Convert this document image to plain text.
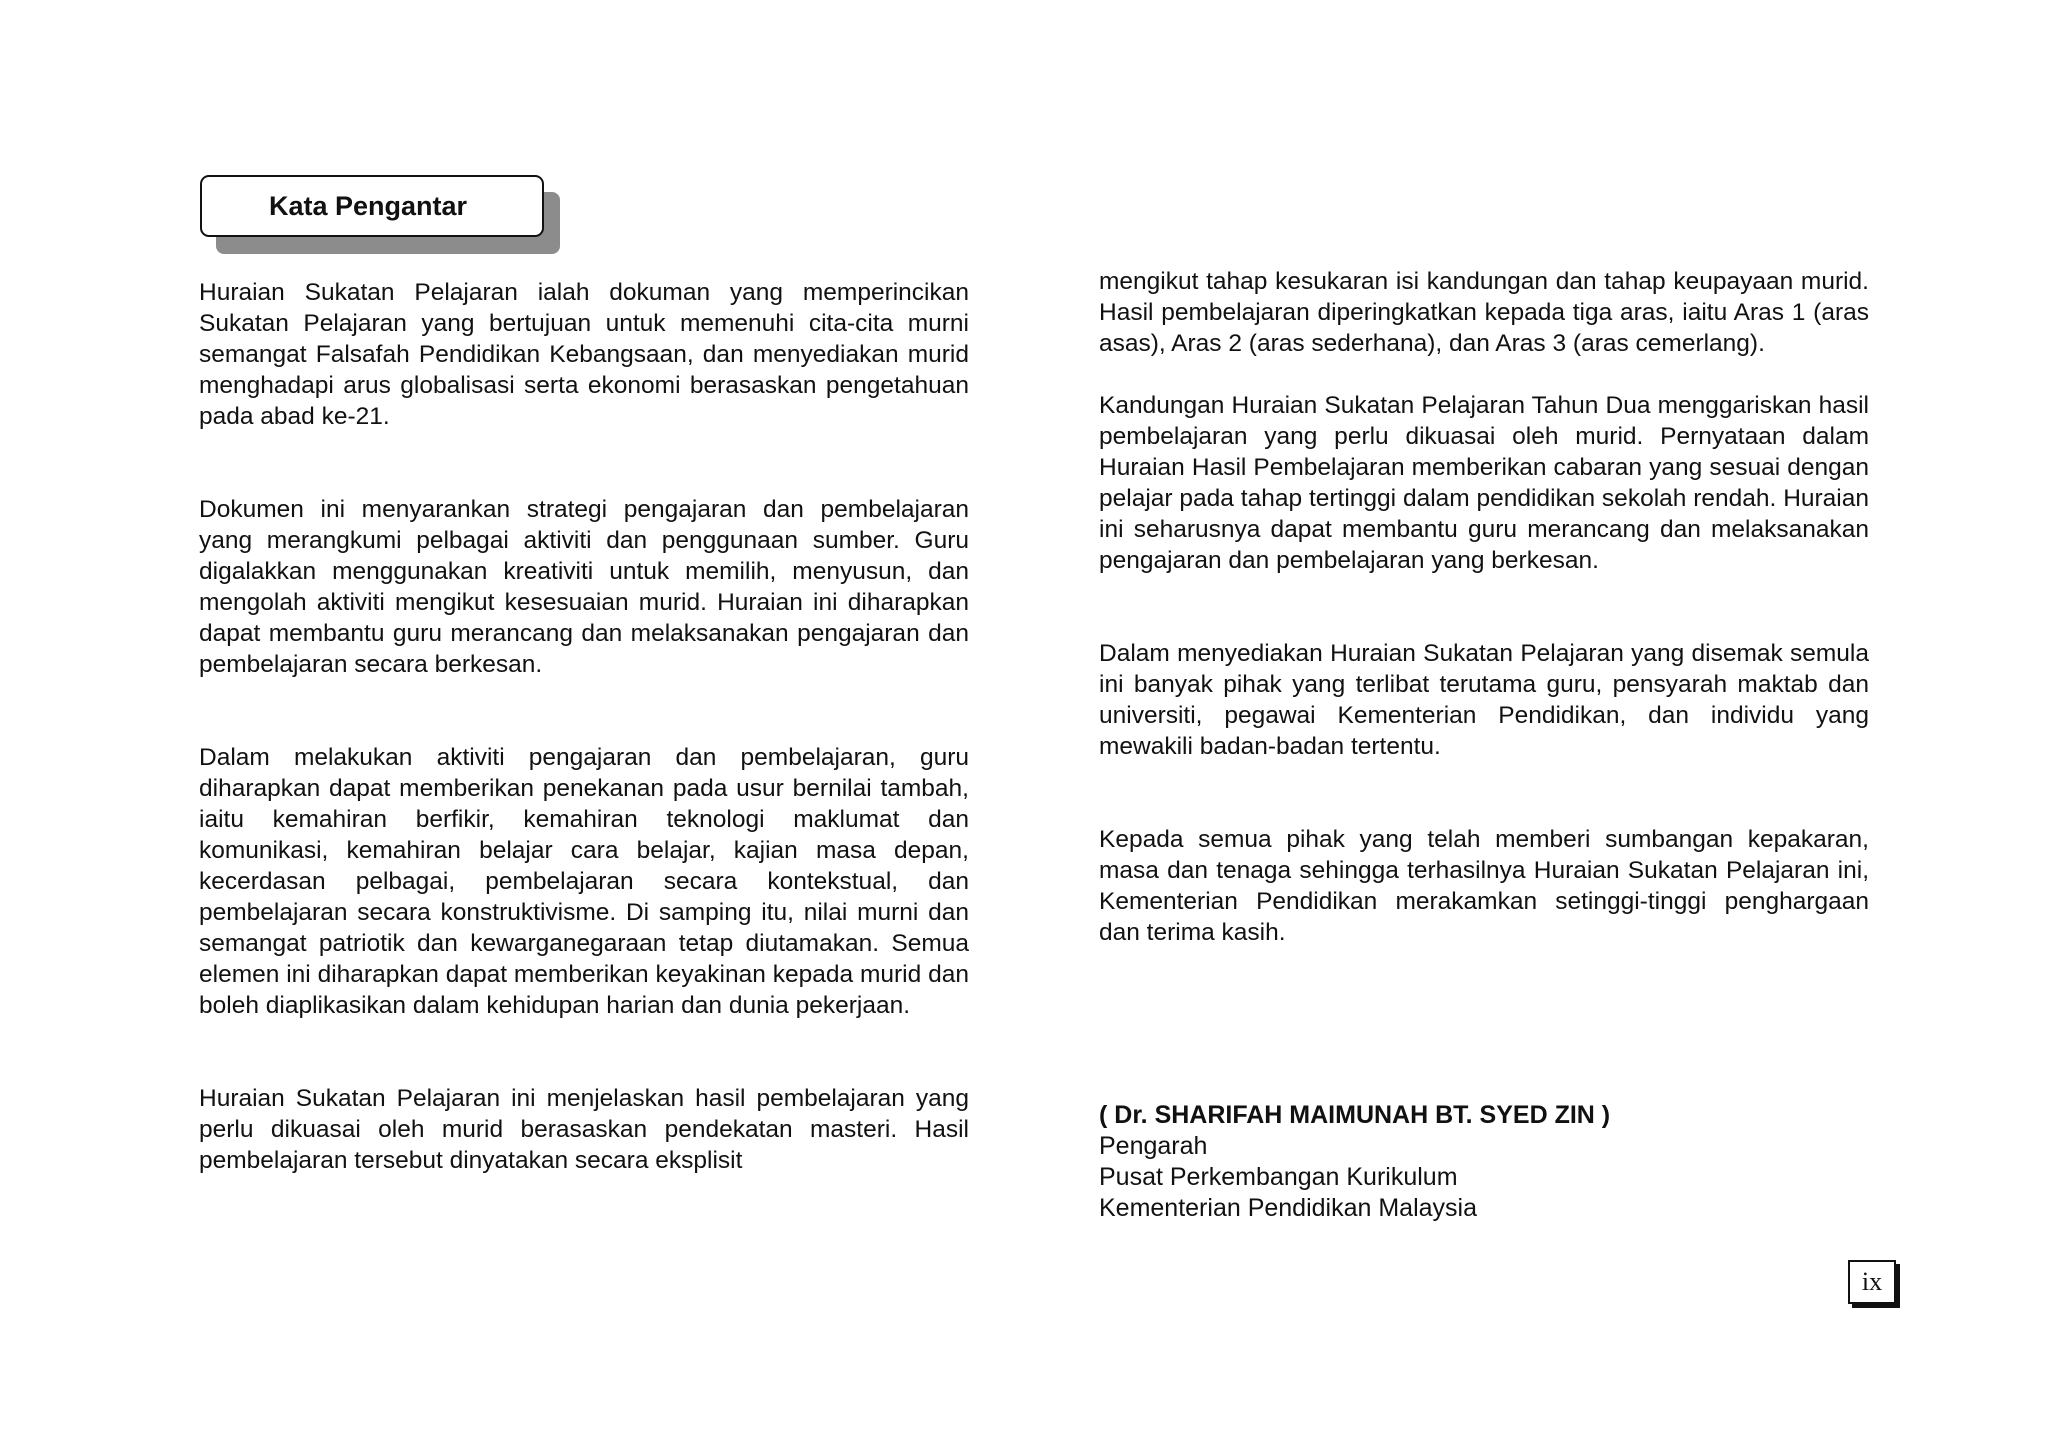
Kata Pengantar

Huraian Sukatan Pelajaran ialah dokuman yang memperincikan Sukatan Pelajaran yang bertujuan untuk memenuhi cita-cita murni semangat Falsafah Pendidikan Kebangsaan, dan menyediakan murid menghadapi arus globalisasi serta ekonomi berasaskan pengetahuan pada abad ke-21.

Dokumen ini menyarankan strategi pengajaran dan pembelajaran yang merangkumi pelbagai aktiviti dan penggunaan sumber. Guru digalakkan menggunakan kreativiti untuk memilih, menyusun, dan mengolah aktiviti mengikut kesesuaian murid. Huraian ini diharapkan dapat membantu guru merancang dan melaksanakan pengajaran dan pembelajaran secara berkesan.

Dalam melakukan aktiviti pengajaran dan pembelajaran, guru diharapkan dapat memberikan penekanan pada usur bernilai tambah, iaitu kemahiran berfikir, kemahiran teknologi maklumat dan komunikasi, kemahiran belajar cara belajar, kajian masa depan, kecerdasan pelbagai, pembelajaran secara kontekstual, dan pembelajaran secara konstruktivisme. Di samping itu, nilai murni dan semangat patriotik dan kewarganegaraan tetap diutamakan. Semua elemen ini diharapkan dapat memberikan keyakinan kepada murid dan boleh diaplikasikan dalam kehidupan harian dan dunia pekerjaan.

Huraian Sukatan Pelajaran ini menjelaskan hasil pembelajaran yang perlu dikuasai oleh murid berasaskan pendekatan masteri. Hasil pembelajaran tersebut dinyatakan secara eksplisit

mengikut tahap kesukaran isi kandungan dan tahap keupayaan murid. Hasil pembelajaran diperingkatkan kepada tiga aras, iaitu Aras 1 (aras asas), Aras 2 (aras sederhana), dan Aras 3 (aras cemerlang).

Kandungan Huraian Sukatan Pelajaran Tahun Dua menggariskan hasil pembelajaran yang perlu dikuasai oleh murid. Pernyataan dalam Huraian Hasil Pembelajaran memberikan cabaran yang sesuai dengan pelajar pada tahap tertinggi dalam pendidikan sekolah rendah. Huraian ini seharusnya dapat membantu guru merancang dan melaksanakan pengajaran dan pembelajaran yang berkesan.

Dalam menyediakan Huraian Sukatan Pelajaran yang disemak semula ini banyak pihak yang terlibat terutama guru, pensyarah maktab dan universiti, pegawai Kementerian Pendidikan, dan individu yang mewakili badan-badan tertentu.

Kepada semua pihak yang telah memberi sumbangan kepakaran, masa dan tenaga sehingga terhasilnya Huraian Sukatan Pelajaran ini, Kementerian Pendidikan merakamkan setinggi-tinggi penghargaan dan terima kasih.

( Dr. SHARIFAH MAIMUNAH BT. SYED ZIN )
Pengarah
Pusat Perkembangan Kurikulum
Kementerian Pendidikan Malaysia
ix
